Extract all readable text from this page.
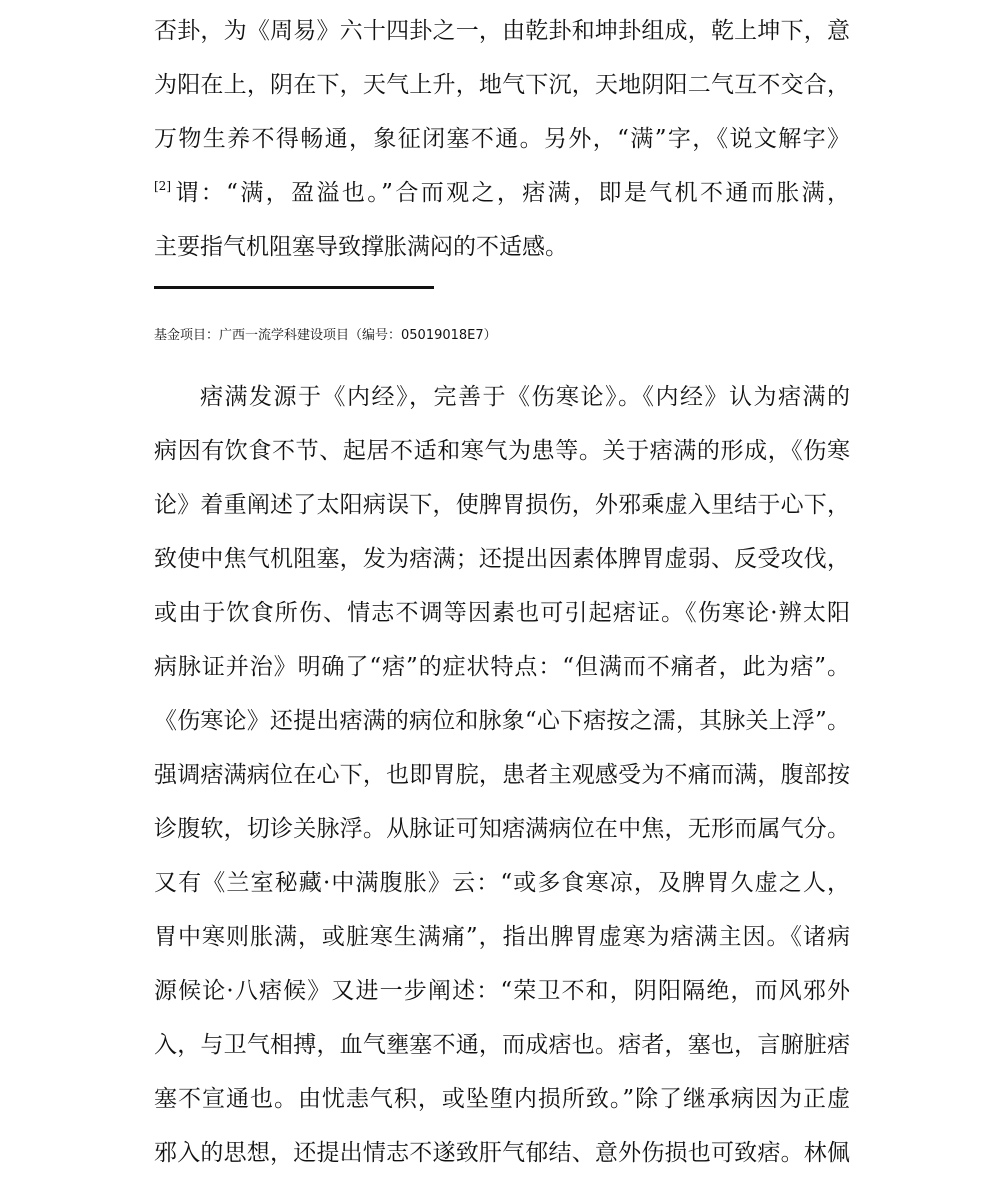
否卦，为《周易》六十四卦之一，由乾卦和坤卦组成，乾上坤下，意
为阳在上，阴在下，天气上升，地气下沉，天地阴阳二气互不交合，
万物生养不得畅通，象征闭塞不通。另外，“满”字，《说文解字》
[2]谓：“满，盈溢也。”合而观之，痞满，即是气机不通而胀满，
主要指气机阻塞导致撑胀满闷的不适感。
基金项目：广西一流学科建设项目（编号：05019018E7）
痞满发源于《内经》，完善于《伤寒论》。《内经》认为痞满的
病因有饮食不节、起居不适和寒气为患等。关于痞满的形成，《伤寒
论》着重阐述了太阳病误下，使脾胃损伤，外邪乘虚入里结于心下，
致使中焦气机阻塞，发为痞满；还提出因素体脾胃虚弱、反受攻伐，
或由于饮食所伤、情志不调等因素也可引起痞证。《伤寒论·辨太阳
病脉证并治》明确了“痞”的症状特点：“但满而不痛者，此为痞”。
《伤寒论》还提出痞满的病位和脉象“心下痞按之濡，其脉关上浮”。
强调痞满病位在心下，也即胃脘，患者主观感受为不痛而满，腹部按
诊腹软，切诊关脉浮。从脉证可知痞满病位在中焦，无形而属气分。
又有《兰室秘藏·中满腹胀》云：“或多食寒凉，及脾胃久虚之人，
胃中寒则胀满，或脏寒生满痛”，指出脾胃虚寒为痞满主因。《诸病
源候论·八痞候》又进一步阐述：“荣卫不和，阴阳隔绝，而风邪外
入，与卫气相搏，血气壅塞不通，而成痞也。痞者，塞也，言腑脏痞
塞不宣通也。由忧恚气积，或坠堕内损所致。”除了继承病因为正虚
邪入的思想，还提出情志不遂致肝气郁结、意外伤损也可致痞。林佩
